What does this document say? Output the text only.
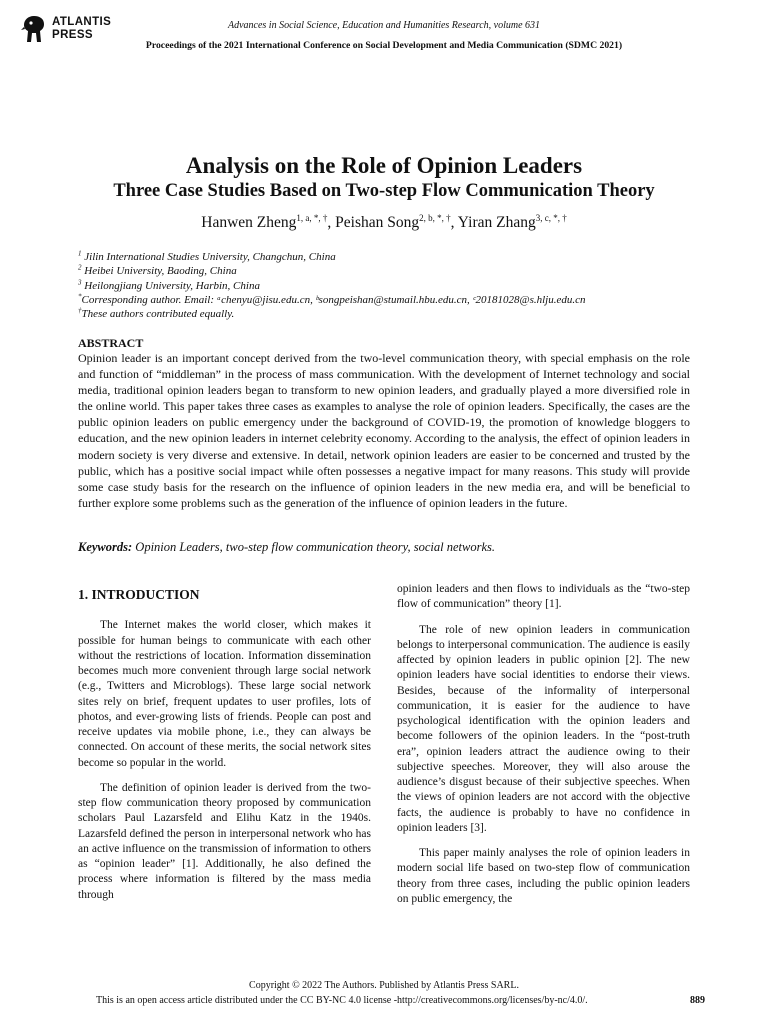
ATLANTIS
PRESS
Advances in Social Science, Education and Humanities Research, volume 631
Proceedings of the 2021 International Conference on Social Development and Media Communication (SDMC 2021)
Analysis on the Role of Opinion Leaders
Three Case Studies Based on Two-step Flow Communication Theory
Hanwen Zheng$^{1, a, *, \dagger}$, Peishan Song$^{2, b, *, \dagger}$, Yiran Zhang$^{3, c, *, \dagger}$
$^1$ Jilin International Studies University, Changchun, China
$^2$ Heibei University, Baoding, China
$^3$ Heilongjiang University, Harbin, China
*Corresponding author. Email: ᵃchenyu@jisu.edu.cn, ᵇsongpeishan@stumail.hbu.edu.cn, ᶜ20181028@s.hlju.edu.cn
†These authors contributed equally.
ABSTRACT
Opinion leader is an important concept derived from the two-level communication theory, with special emphasis on the role and function of “middleman” in the process of mass communication. With the development of Internet technology and social media, traditional opinion leaders began to transform to new opinion leaders, and gradually played a more diversified role in the online world. This paper takes three cases as examples to analyse the role of opinion leaders. Specifically, the cases are the public opinion leaders on public emergency under the background of COVID-19, the promotion of knowledge bloggers to education, and the new opinion leaders in internet celebrity economy. According to the analysis, the effect of opinion leaders in modern society is very diverse and extensive. In detail, network opinion leaders are easier to be concerned and trusted by the public, which has a positive social impact while often possesses a negative impact for many reasons. This study will provide some case study basis for the research on the influence of opinion leaders in the new media era, and will be beneficial to further explore some problems such as the generation of the influence of opinion leaders in the future.
Keywords: Opinion Leaders, two-step flow communication theory, social networks.
1. INTRODUCTION

The Internet makes the world closer, which makes it possible for human beings to communicate with each other without the restrictions of location. Information dissemination becomes much more convenient through large social network (e.g., Twitters and Microblogs). These large social network sites rely on brief, frequent updates to user profiles, lots of photos, and ever-growing lists of friends. People can post and receive updates via mobile phone, i.e., they can always be connected. On account of these merits, the social network sites become so popular in the world.

The definition of opinion leader is derived from the two-step flow communication theory proposed by communication scholars Paul Lazarsfeld and Elihu Katz in the 1940s. Lazarsfeld defined the person in interpersonal network who has an active influence on the transmission of information to others as “opinion leader” [1]. Additionally, he also defined the process where information is filtered by the mass media through

opinion leaders and then flows to individuals as the “two-step flow of communication” theory [1].

The role of new opinion leaders in communication belongs to interpersonal communication. The audience is easily affected by opinion leaders in public opinion [2]. The new opinion leaders have social identities to endorse their views. Besides, because of the informality of interpersonal communication, it is easier for the audience to have psychological identification with the opinion leaders and become followers of the opinion leaders. In the “post-truth era”, opinion leaders attract the audience owing to their subjective speeches. Moreover, they will also arouse the audience’s disgust because of their subjective speeches. When the views of opinion leaders are not accord with the objective facts, the audience is probably to have no confidence in opinion leaders [3].

This paper mainly analyses the role of opinion leaders in modern social life based on two-step flow of communication theory from three cases, including the public opinion leaders on public emergency, the

Copyright © 2022 The Authors. Published by Atlantis Press SARL.
This is an open access article distributed under the CC BY-NC 4.0 license -http://creativecommons.org/licenses/by-nc/4.0/.	889
